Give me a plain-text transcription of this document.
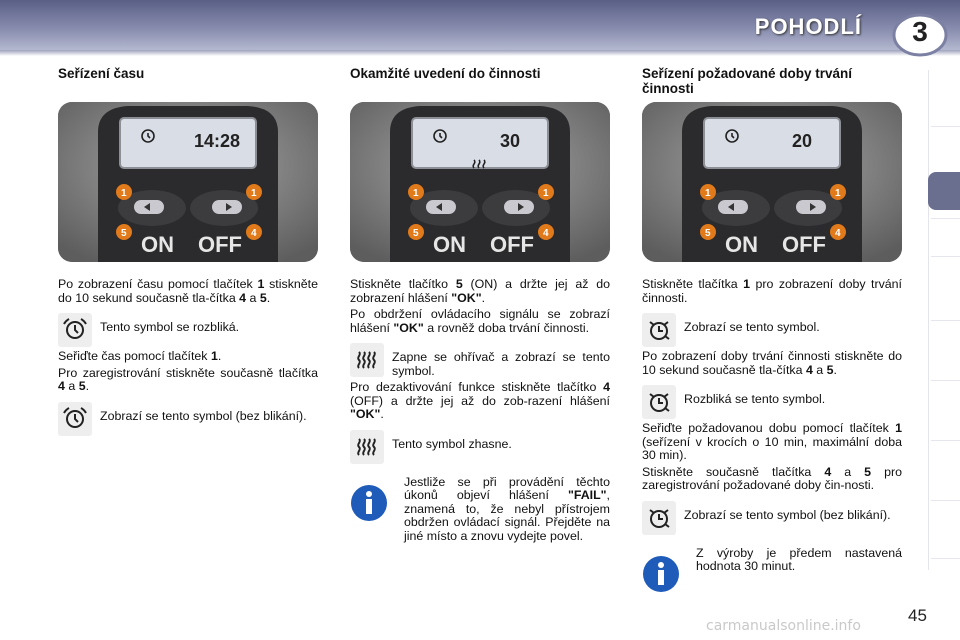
POHODLÍ	3
Seřízení času
14:28
ON OFF
1	1
5	4

Po zobrazení času pomocí tlačítek 1 stiskněte do 10 sekund současně tla-čítka 4 a 5.

Tento symbol se rozbliká.

Seřiďte čas pomocí tlačítek 1.

Pro zaregistrování stiskněte současně tlačítka 4 a 5.

Zobrazí se tento symbol (bez blikání).
Okamžité uvedení do činnosti
30
ON OFF
1	1
5	4

Stiskněte tlačítko 5 (ON) a držte jej až do zobrazení hlášení "OK".

Po obdržení ovládacího signálu se zobrazí hlášení "OK" a rovněž doba trvání činnosti.

Zapne se ohřívač a zobrazí se tento symbol.

Pro dezaktivování funkce stiskněte tlačítko 4 (OFF) a držte jej až do zob-razení hlášení "OK".

Tento symbol zhasne.
Jestliže se při provádění těchto úkonů objeví hlášení "FAIL", znamená to, že nebyl přístrojem obdržen ovládací signál. Přejděte na jiné místo a znovu vydejte povel.
Seřízení požadované doby trvání činnosti
20
ON OFF
1	1
5	4

Stiskněte tlačítka 1 pro zobrazení doby trvání činnosti.

Zobrazí se tento symbol.

Po zobrazení doby trvání činnosti stiskněte do 10 sekund současně tla-čítka 4 a 5.

Rozbliká se tento symbol.

Seřiďte požadovanou dobu pomocí tlačítek 1 (seřízení v krocích o 10 min, maximální doba 30 min).

Stiskněte současně tlačítka 4 a 5 pro zaregistrování požadované doby čin-nosti.

Zobrazí se tento symbol (bez blikání).
Z výroby je předem nastavená hodnota 30 minut.
45
carmanualsonline.info
